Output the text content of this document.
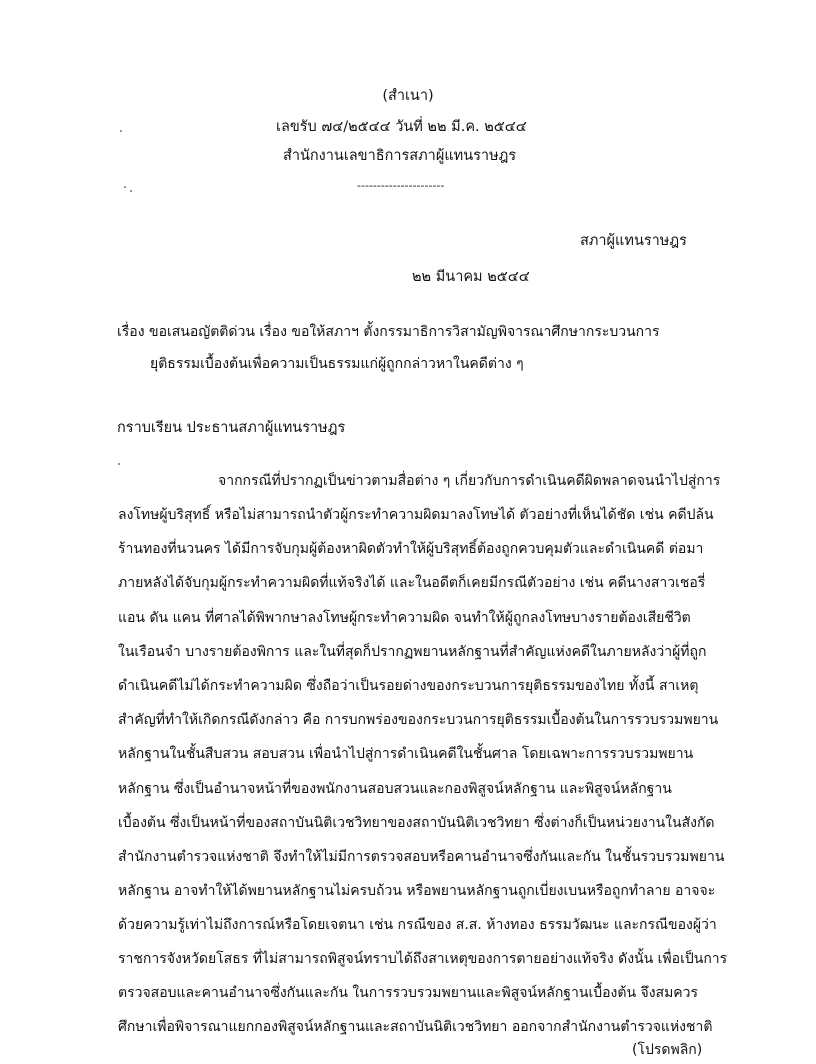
(สำเนา)
เลขรับ ๗๔/๒๕๔๔ วันที่ ๒๒ มี.ค. ๒๕๔๔
สำนักงานเลขาธิการสภาผู้แทนราษฎร
----------------------
สภาผู้แทนราษฎร
๒๒ มีนาคม ๒๕๔๔
เรื่อง ขอเสนอญัตติด่วน เรื่อง ขอให้สภาฯ ตั้งกรรมาธิการวิสามัญพิจารณาศึกษากระบวนการ
ยุติธรรมเบื้องต้นเพื่อความเป็นธรรมแก่ผู้ถูกกล่าวหาในคดีต่าง ๆ
กราบเรียน ประธานสภาผู้แทนราษฎร
จากกรณีที่ปรากฏเป็นข่าวตามสื่อต่าง ๆ เกี่ยวกับการดำเนินคดีผิดพลาดจนนำไปสู่การ
ลงโทษผู้บริสุทธิ์ หรือไม่สามารถนำตัวผู้กระทำความผิดมาลงโทษได้ ตัวอย่างที่เห็นได้ชัด เช่น คดีปล้น
ร้านทองที่นวนคร ได้มีการจับกุมผู้ต้องหาผิดตัวทำให้ผู้บริสุทธิ์ต้องถูกควบคุมตัวและดำเนินคดี ต่อมา
ภายหลังได้จับกุมผู้กระทำความผิดที่แท้จริงได้ และในอดีตก็เคยมีกรณีตัวอย่าง เช่น คดีนางสาวเชอรี่
แอน ดัน แคน ที่ศาลได้พิพากษาลงโทษผู้กระทำความผิด จนทำให้ผู้ถูกลงโทษบางรายต้องเสียชีวิต
ในเรือนจำ บางรายต้องพิการ และในที่สุดก็ปรากฏพยานหลักฐานที่สำคัญแห่งคดีในภายหลังว่าผู้ที่ถูก
ดำเนินคดีไม่ได้กระทำความผิด ซึ่งถือว่าเป็นรอยด่างของกระบวนการยุติธรรมของไทย ทั้งนี้ สาเหตุ
สำคัญที่ทำให้เกิดกรณีดังกล่าว คือ การบกพร่องของกระบวนการยุติธรรมเบื้องต้นในการรวบรวมพยาน
หลักฐานในชั้นสืบสวน สอบสวน เพื่อนำไปสู่การดำเนินคดีในชั้นศาล โดยเฉพาะการรวบรวมพยาน
หลักฐาน ซึ่งเป็นอำนาจหน้าที่ของพนักงานสอบสวนและกองพิสูจน์หลักฐาน และพิสูจน์หลักฐาน
เบื้องต้น ซึ่งเป็นหน้าที่ของสถาบันนิติเวชวิทยาของสถาบันนิติเวชวิทยา ซึ่งต่างก็เป็นหน่วยงานในสังกัด
สำนักงานตำรวจแห่งชาติ จึงทำให้ไม่มีการตรวจสอบหรือคานอำนาจซึ่งกันและกัน ในชั้นรวบรวมพยาน
หลักฐาน อาจทำให้ได้พยานหลักฐานไม่ครบถ้วน หรือพยานหลักฐานถูกเบี่ยงเบนหรือถูกทำลาย อาจจะ
ด้วยความรู้เท่าไม่ถึงการณ์หรือโดยเจตนา เช่น กรณีของ ส.ส. ห้างทอง ธรรมวัฒนะ และกรณีของผู้ว่า
ราชการจังหวัดยโสธร ที่ไม่สามารถพิสูจน์ทราบได้ถึงสาเหตุของการตายอย่างแท้จริง ดังนั้น เพื่อเป็นการ
ตรวจสอบและคานอำนาจซึ่งกันและกัน ในการรวบรวมพยานและพิสูจน์หลักฐานเบื้องต้น จึงสมควร
ศึกษาเพื่อพิจารณาแยกกองพิสูจน์หลักฐานและสถาบันนิติเวชวิทยา ออกจากสำนักงานตำรวจแห่งชาติ
(โปรดพลิก)
